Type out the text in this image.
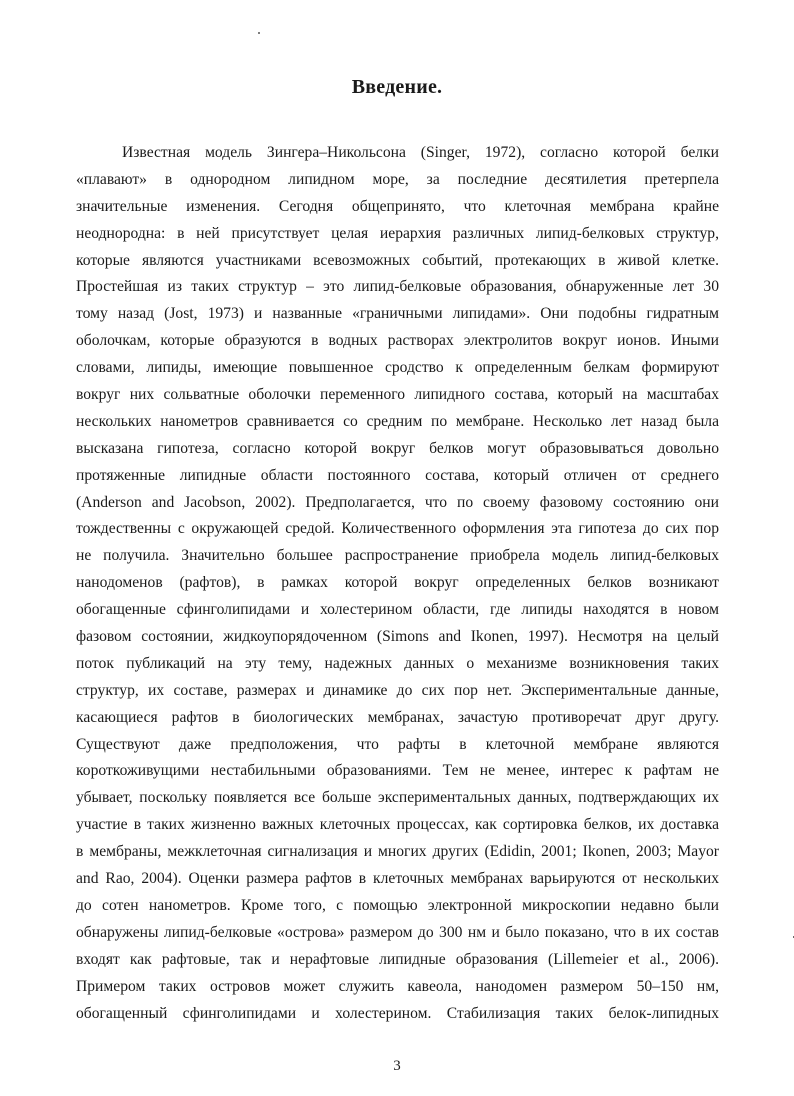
Введение.
Известная модель Зингера–Никольсона (Singer, 1972), согласно которой белки
«плавают» в однородном липидном море, за последние десятилетия претерпела
значительные изменения. Сегодня общепринято, что клеточная мембрана крайне
неоднородна: в ней присутствует целая иерархия различных липид-белковых структур,
которые являются участниками всевозможных событий, протекающих в живой клетке.
Простейшая из таких структур – это липид-белковые образования, обнаруженные лет 30
тому назад (Jost, 1973) и названные «граничными липидами». Они подобны гидратным
оболочкам, которые образуются в водных растворах электролитов вокруг ионов. Иными
словами, липиды, имеющие повышенное сродство к определенным белкам формируют
вокруг них сольватные оболочки переменного липидного состава, который на масштабах
нескольких нанометров сравнивается со средним по мембране. Несколько лет назад была
высказана гипотеза, согласно которой вокруг белков могут образовываться довольно
протяженные липидные области постоянного состава, который отличен от среднего
(Anderson and Jacobson, 2002). Предполагается, что по своему фазовому состоянию они
тождественны с окружающей средой. Количественного оформления эта гипотеза до сих пор
не получила. Значительно большее распространение приобрела модель липид-белковых
нанодоменов (рафтов), в рамках которой вокруг определенных белков возникают
обогащенные сфинголипидами и холестерином области, где липиды находятся в новом
фазовом состоянии, жидкоупорядоченном (Simons and Ikonen, 1997). Несмотря на целый
поток публикаций на эту тему, надежных данных о механизме возникновения таких
структур, их составе, размерах и динамике до сих пор нет. Экспериментальные данные,
касающиеся рафтов в биологических мембранах, зачастую противоречат друг другу.
Существуют даже предположения, что рафты в клеточной мембране являются
короткоживущими нестабильными образованиями. Тем не менее, интерес к рафтам не
убывает, поскольку появляется все больше экспериментальных данных, подтверждающих их
участие в таких жизненно важных клеточных процессах, как сортировка белков, их доставка
в мембраны, межклеточная сигнализация и многих других (Edidin, 2001; Ikonen, 2003; Mayor
and Rao, 2004). Оценки размера рафтов в клеточных мембранах варьируются от нескольких
до сотен нанометров. Кроме того, с помощью электронной микроскопии недавно были
обнаружены липид-белковые «острова» размером до 300 нм и было показано, что в их состав
входят как рафтовые, так и нерафтовые липидные образования (Lillemeier et al., 2006).
Примером таких островов может служить кавеола, нанодомен размером 50–150 нм,
обогащенный сфинголипидами и холестерином. Стабилизация таких белок-липидных
3
